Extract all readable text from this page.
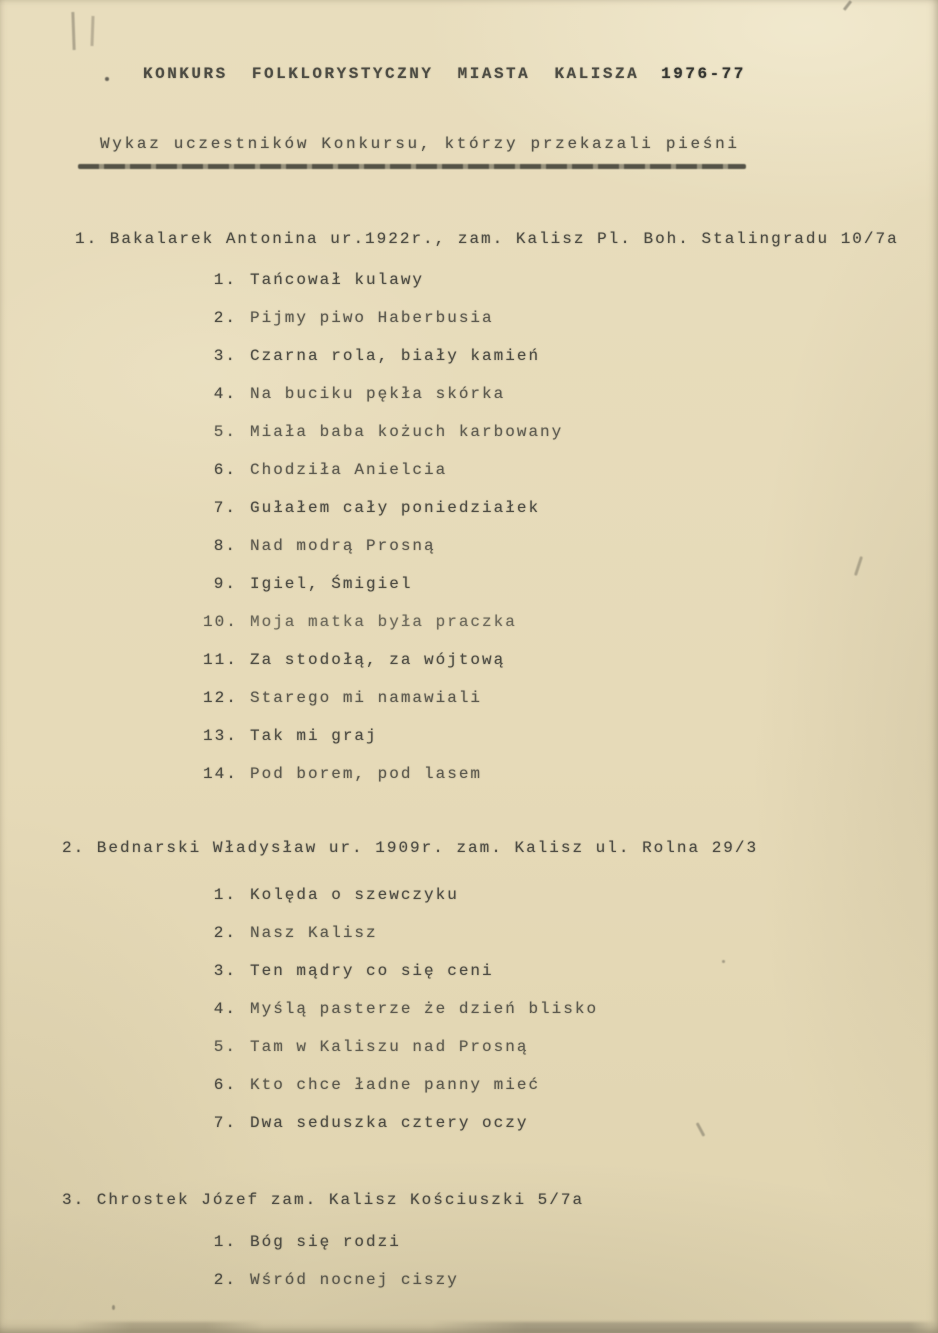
KONKURS  FOLKLORYSTYCZNY  MIASTA  KALISZA 1976-77
Wykaz uczestników Konkursu, którzy przekazali pieśni
1. Bakalarek Antonina ur.1922r., zam. Kalisz Pl. Boh. Stalingradu 10/7a
1. Tańcował kulawy
2. Pijmy piwo Haberbusia
3. Czarna rola, biały kamień
4. Na buciku pękła skórka
5. Miała baba kożuch karbowany
6. Chodziła Anielcia
7. Gułałem cały poniedziałek
8. Nad modrą Prosną
9. Igiel, Śmigiel
10. Moja matka była praczka
11. Za stodołą, za wójtową
12. Starego mi namawiali
13. Tak mi graj
14. Pod borem, pod lasem
2. Bednarski Władysław ur. 1909r. zam. Kalisz ul. Rolna 29/3
1. Kolęda o szewczyku
2. Nasz Kalisz
3. Ten mądry co się ceni
4. Myślą pasterze że dzień blisko
5. Tam w Kaliszu nad Prosną
6. Kto chce ładne panny mieć
7. Dwa seduszka cztery oczy
3. Chrostek Józef zam. Kalisz Kościuszki 5/7a
1. Bóg się rodzi
2. Wśród nocnej ciszy
